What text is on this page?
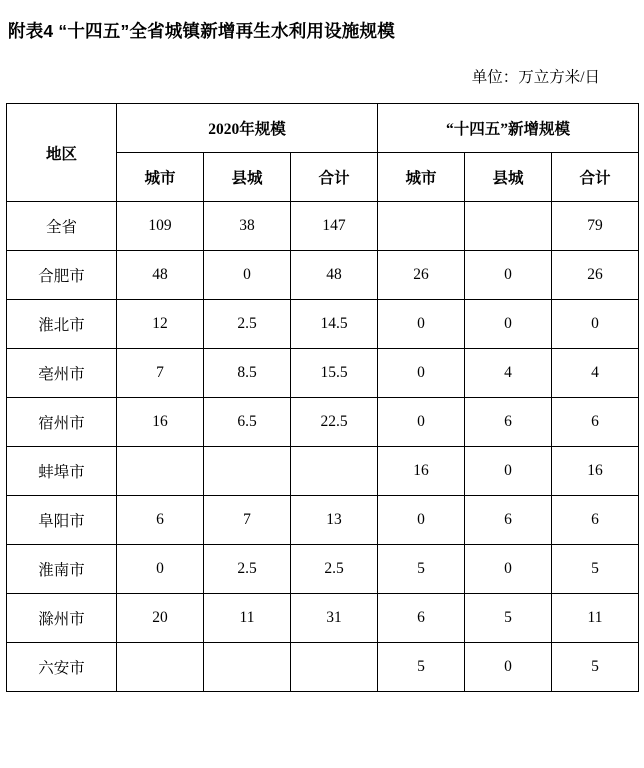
附表4 “十四五”全省城镇新增再生水利用设施规模
单位：万立方米/日
地区	2020年规模			“十四五”新增规模		
	城市	县城	合计	城市	县城	合计
全省	109	38	147			79
合肥市	48	0	48	26	0	26
淮北市	12	2.5	14.5	0	0	0
亳州市	7	8.5	15.5	0	4	4
宿州市	16	6.5	22.5	0	6	6
蚌埠市				16	0	16
阜阳市	6	7	13	0	6	6
淮南市	0	2.5	2.5	5	0	5
滁州市	20	11	31	6	5	11
六安市				5	0	5
